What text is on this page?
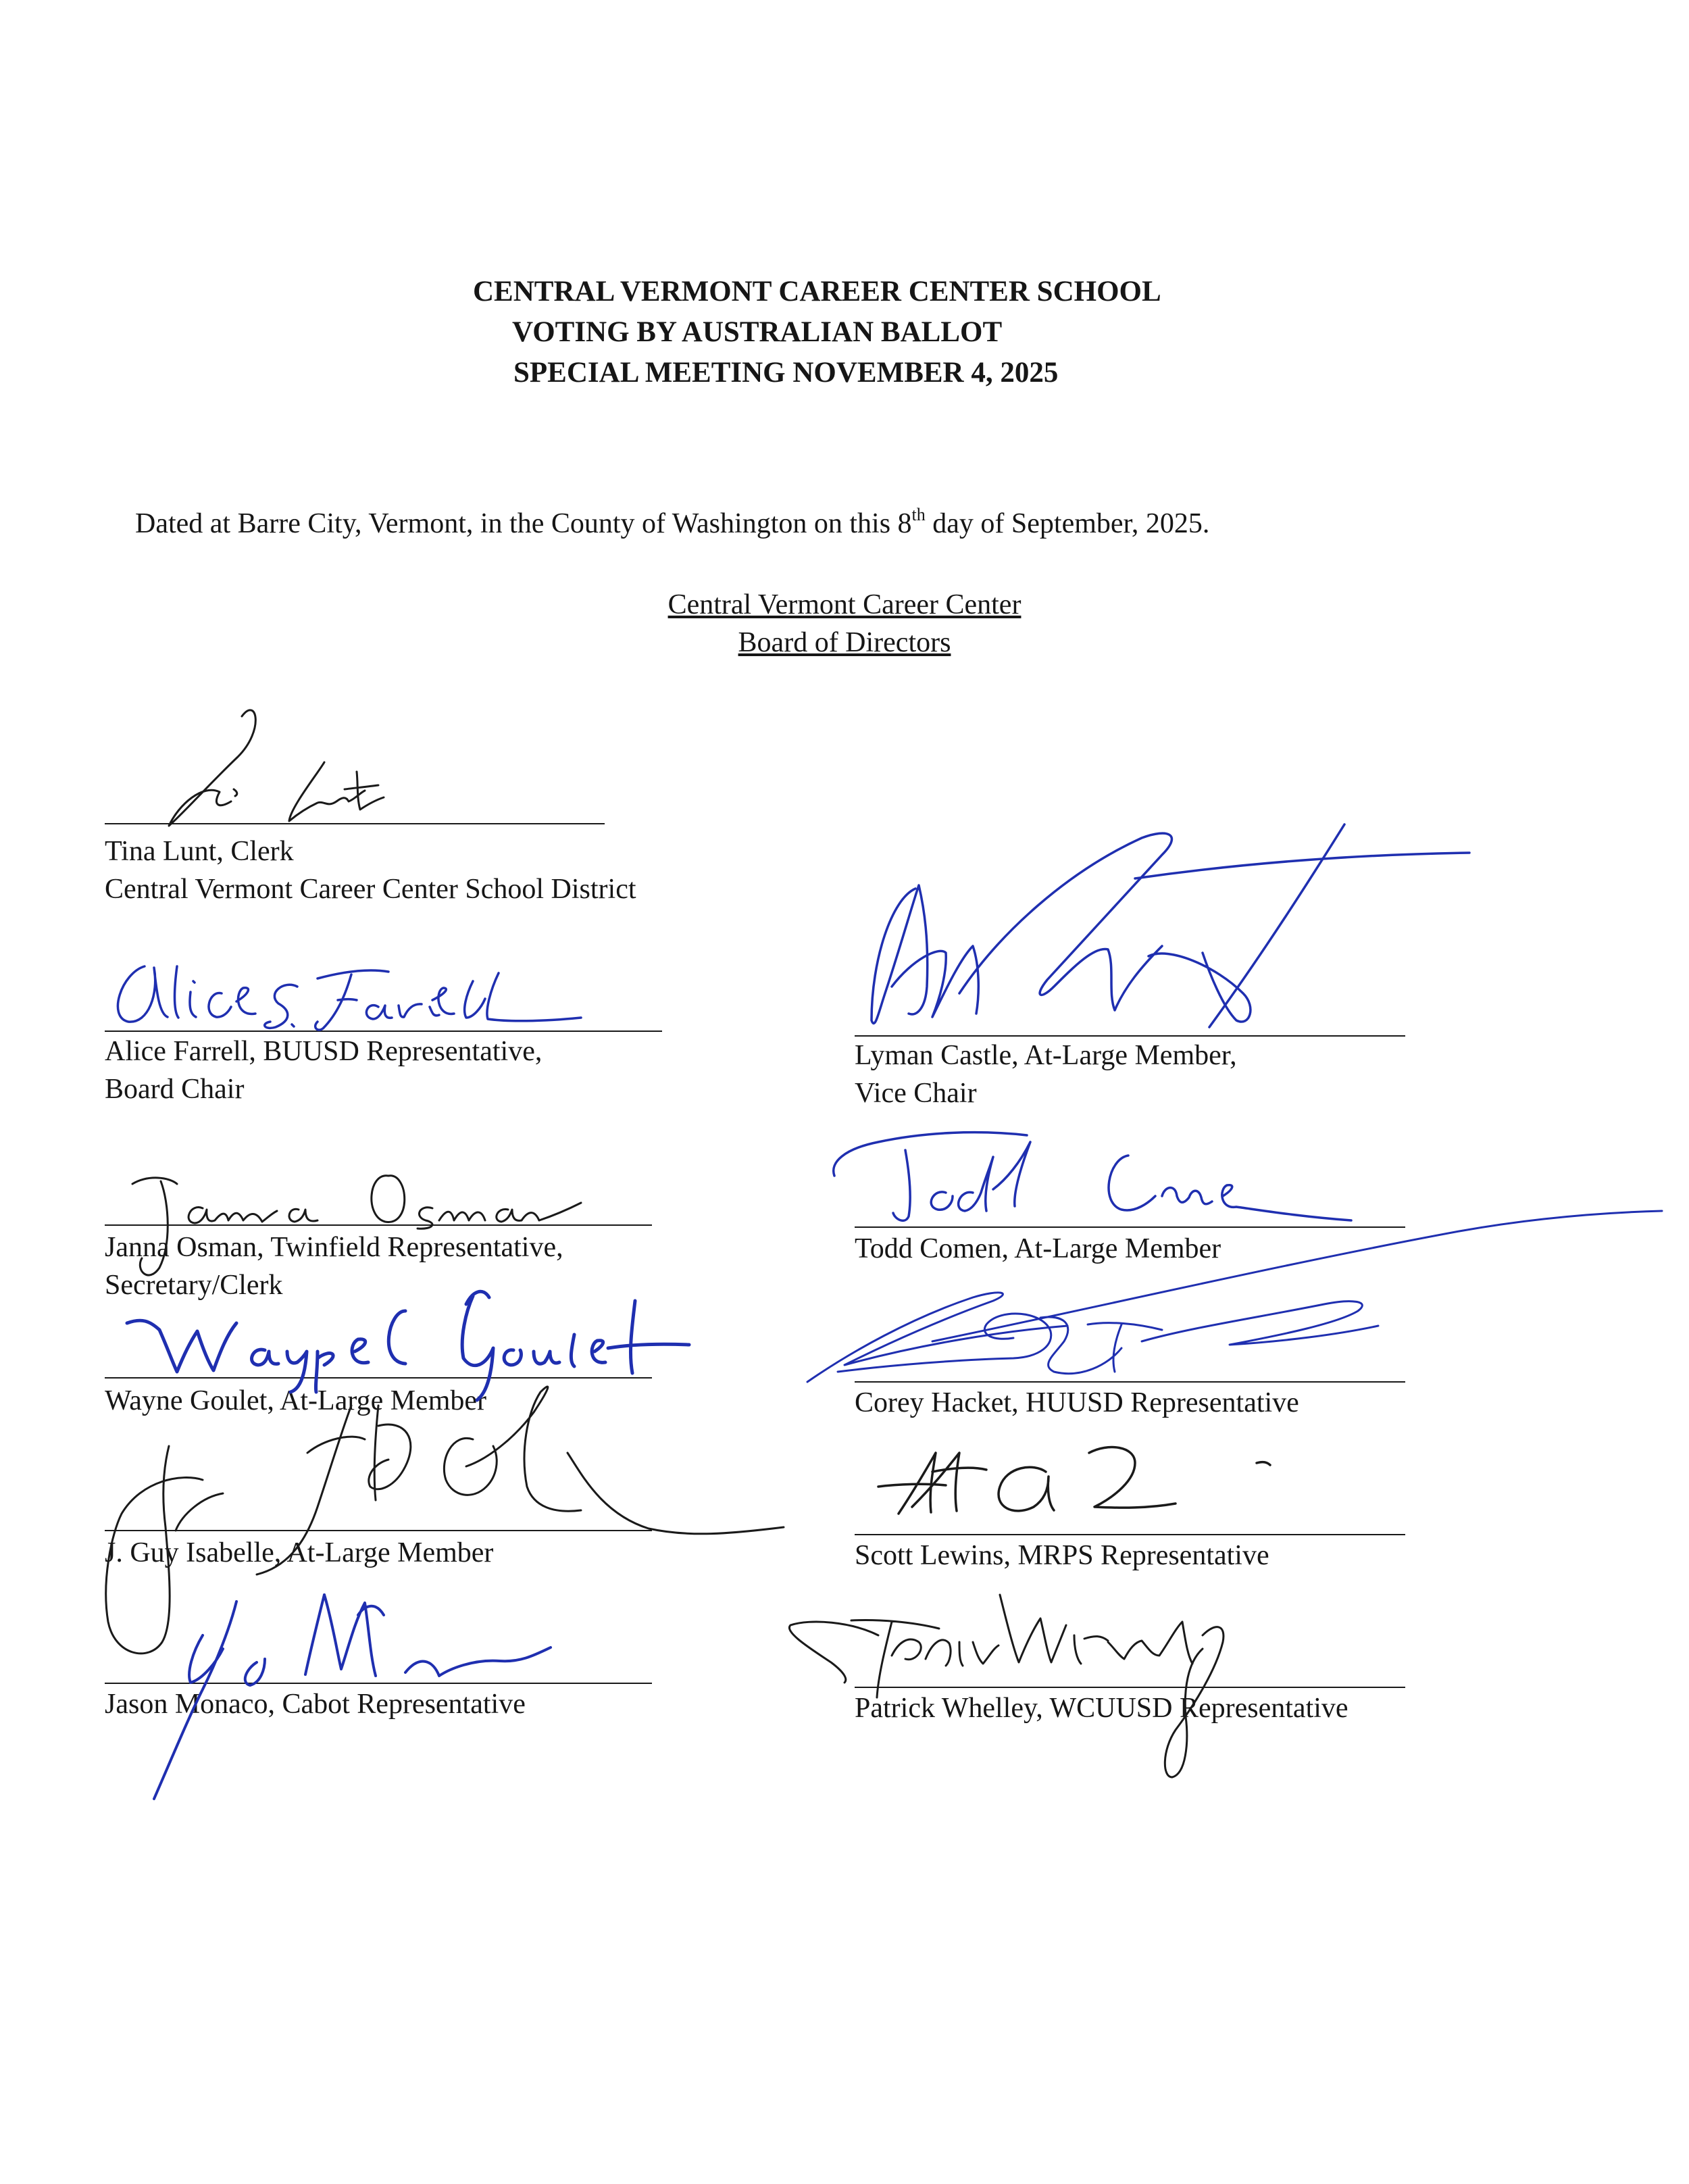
CENTRAL VERMONT CAREER CENTER SCHOOL
VOTING BY AUSTRALIAN BALLOT
SPECIAL MEETING NOVEMBER 4, 2025
Dated at Barre City, Vermont, in the County of Washington on this 8th day of September, 2025.
Central Vermont Career Center
Board of Directors
Tina Lunt, Clerk
Central Vermont Career Center School District
Alice Farrell, BUUSD Representative,
Board Chair
Janna Osman, Twinfield Representative,
Secretary/Clerk
Wayne Goulet, At-Large Member
J. Guy Isabelle, At-Large Member
Jason Monaco, Cabot Representative
Lyman Castle, At-Large Member,
Vice Chair
Todd Comen, At-Large Member
Corey Hacket, HUUSD Representative
Scott Lewins, MRPS Representative
Patrick Whelley, WCUUSD Representative
